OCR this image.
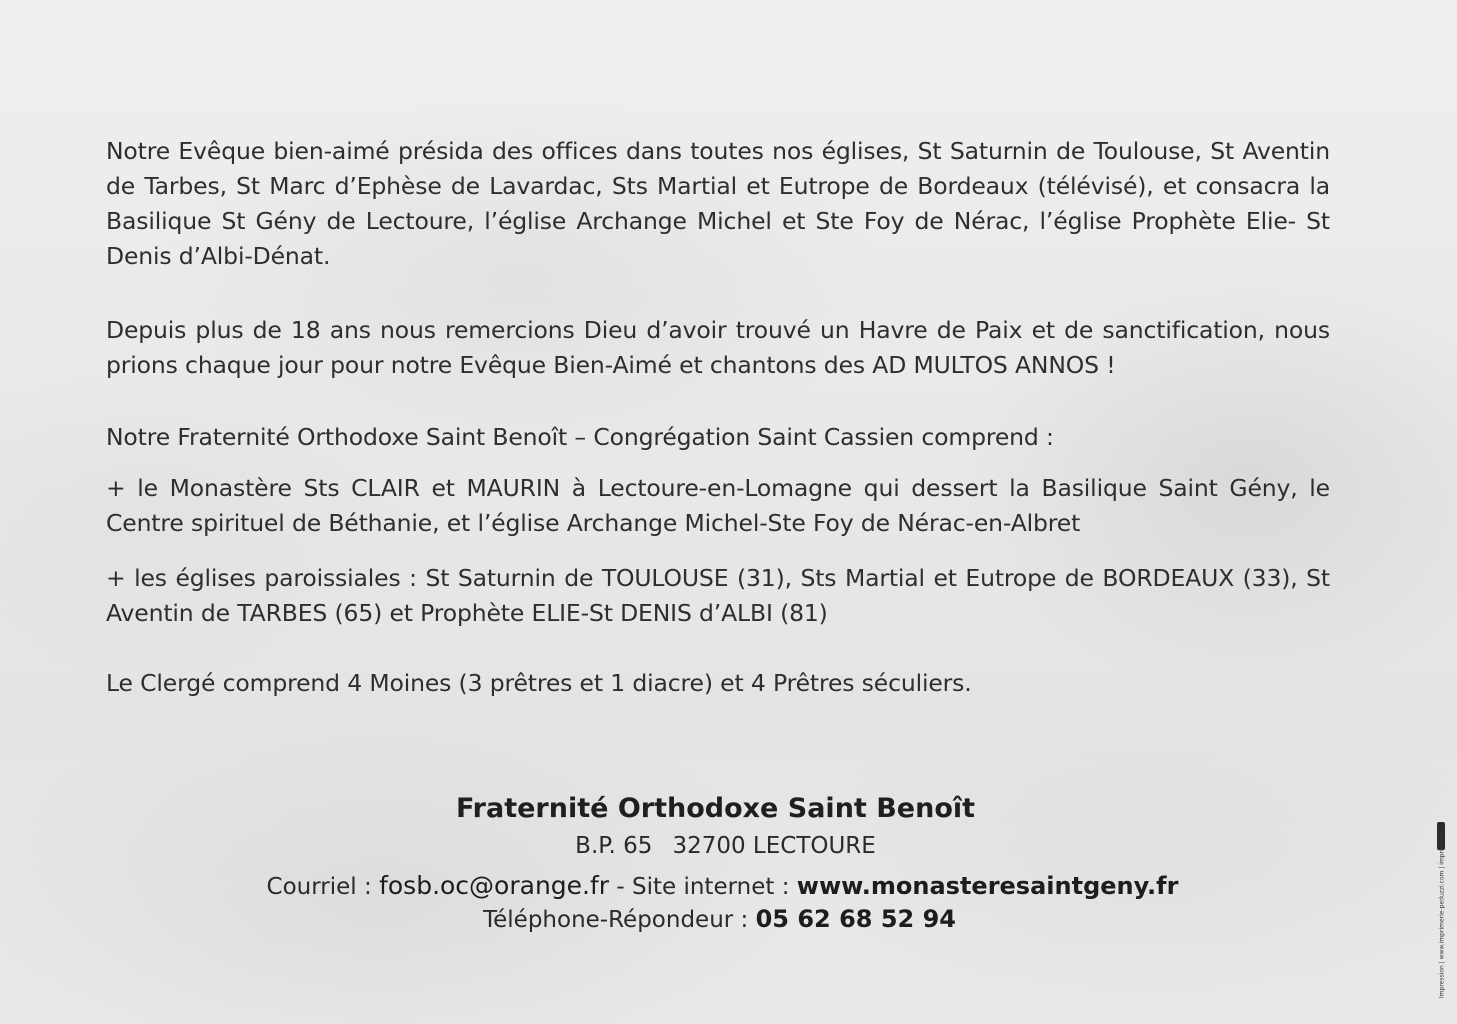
Notre Evêque bien-aimé présida des offices dans toutes nos églises, St Saturnin de Toulouse, St Aventin de Tarbes, St Marc d’Ephèse de Lavardac, Sts Martial et Eutrope de Bordeaux (télévisé), et consacra la Basilique St Gény de Lectoure, l’église Archange Michel et Ste Foy de Nérac, l’église Prophète Elie- St Denis d’Albi-Dénat.

Depuis plus de 18 ans nous remercions Dieu d’avoir trouvé un Havre de Paix et de sanctification, nous prions chaque jour pour notre Evêque Bien-Aimé et chantons des AD MULTOS ANNOS !

Notre Fraternité Orthodoxe Saint Benoît – Congrégation Saint Cassien comprend :

+ le Monastère Sts CLAIR et MAURIN à Lectoure-en-Lomagne qui dessert la Basilique Saint Gény, le Centre spirituel de Béthanie, et l’église Archange Michel-Ste Foy de Nérac-en-Albret

+ les églises paroissiales : St Saturnin de TOULOUSE (31), Sts Martial et Eutrope de BORDEAUX (33), St Aventin de TARBES (65) et Prophète ELIE-St DENIS d’ALBI (81)

Le Clergé comprend 4 Moines (3 prêtres et 1 diacre) et 4 Prêtres séculiers.

Fraternité Orthodoxe Saint Benoît
B.P. 65 32700 LECTOURE
Courriel : fosb.oc@orange.fr - Site internet : www.monasteresaintgeny.fr
Téléphone-Répondeur : 05 62 68 52 94	Impression | www.imprimerie-peduzzi.com | imprimerie
